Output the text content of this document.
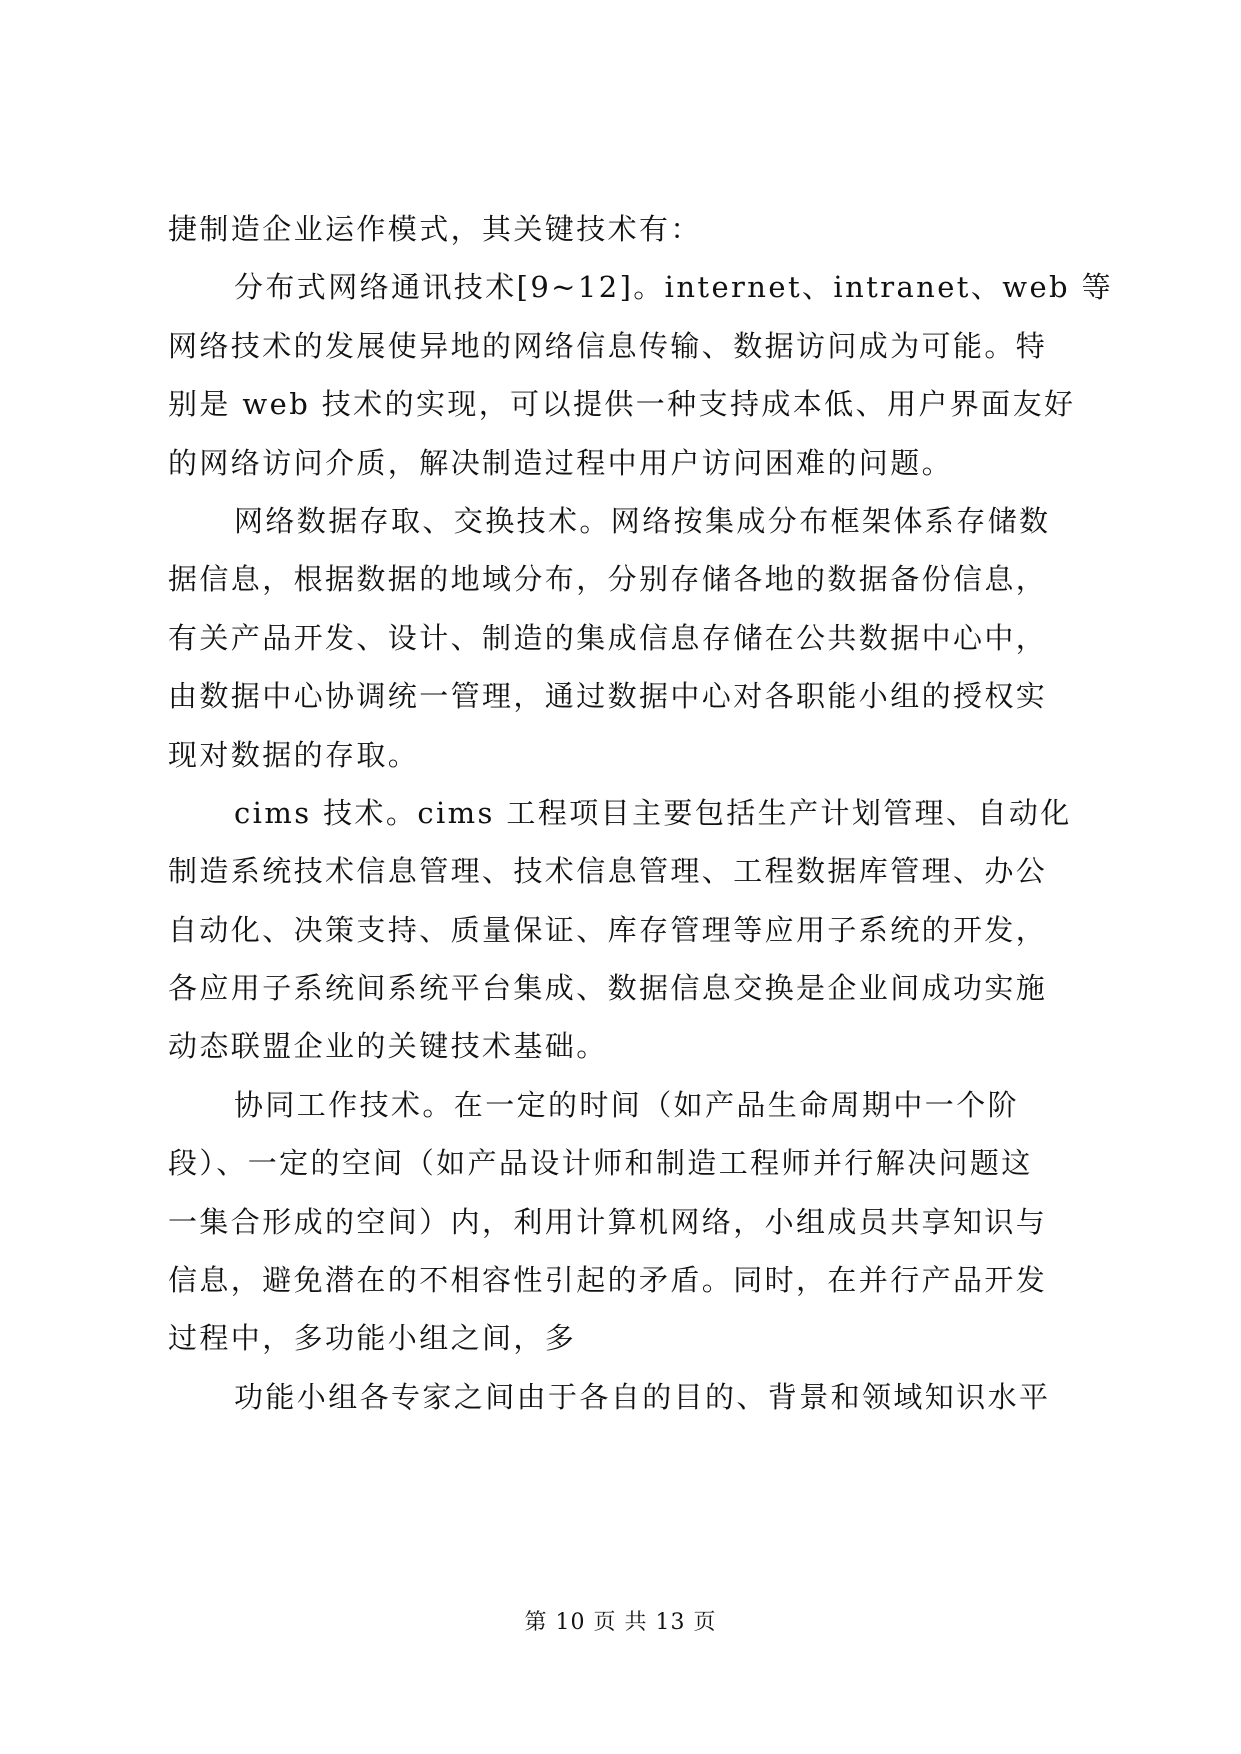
捷制造企业运作模式，其关键技术有：
分布式网络通讯技术[9~12]。internet、intranet、web 等
网络技术的发展使异地的网络信息传输、数据访问成为可能。特
别是 web 技术的实现，可以提供一种支持成本低、用户界面友好
的网络访问介质，解决制造过程中用户访问困难的问题。
网络数据存取、交换技术。网络按集成分布框架体系存储数
据信息，根据数据的地域分布，分别存储各地的数据备份信息，
有关产品开发、设计、制造的集成信息存储在公共数据中心中，
由数据中心协调统一管理，通过数据中心对各职能小组的授权实
现对数据的存取。
cims 技术。cims 工程项目主要包括生产计划管理、自动化
制造系统技术信息管理、技术信息管理、工程数据库管理、办公
自动化、决策支持、质量保证、库存管理等应用子系统的开发，
各应用子系统间系统平台集成、数据信息交换是企业间成功实施
动态联盟企业的关键技术基础。
协同工作技术。在一定的时间（如产品生命周期中一个阶
段）、一定的空间（如产品设计师和制造工程师并行解决问题这
一集合形成的空间）内，利用计算机网络，小组成员共享知识与
信息，避免潜在的不相容性引起的矛盾。同时，在并行产品开发
过程中，多功能小组之间，多
功能小组各专家之间由于各自的目的、背景和领域知识水平
第 10 页 共 13 页
